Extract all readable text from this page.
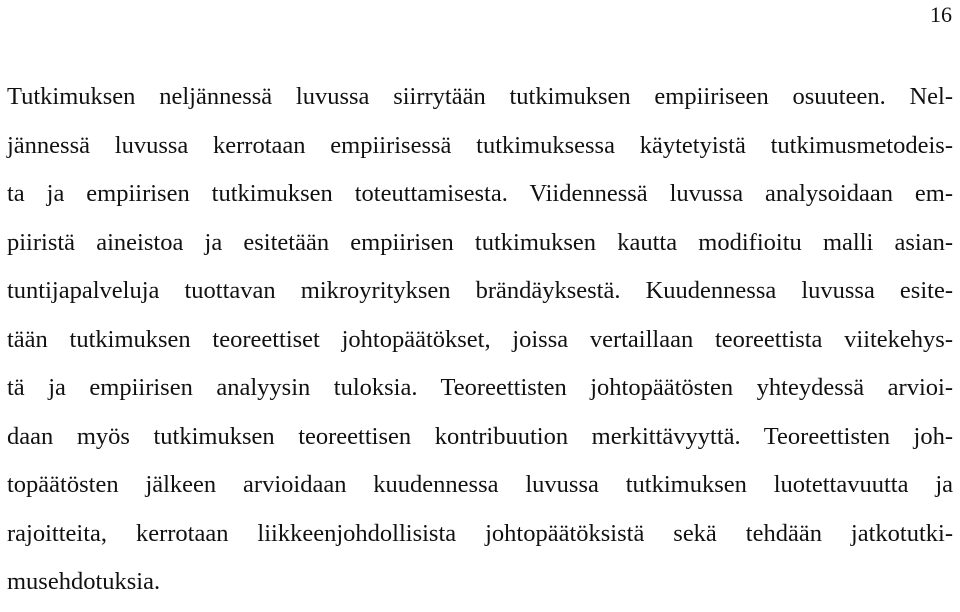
16
Tutkimuksen neljännessä luvussa siirrytään tutkimuksen empiiriseen osuuteen. Nel-
jännessä luvussa kerrotaan empiirisessä tutkimuksessa käytetyistä tutkimusmetodeis-
ta ja empiirisen tutkimuksen toteuttamisesta. Viidennessä luvussa analysoidaan em-
piiristä aineistoa ja esitetään empiirisen tutkimuksen kautta modifioitu malli asian-
tuntijapalveluja tuottavan mikroyrityksen brändäyksestä. Kuudennessa luvussa esite-
tään tutkimuksen teoreettiset johtopäätökset, joissa vertaillaan teoreettista viitekehys-
tä ja empiirisen analyysin tuloksia. Teoreettisten johtopäätösten yhteydessä arvioi-
daan myös tutkimuksen teoreettisen kontribuution merkittävyyttä. Teoreettisten joh-
topäätösten jälkeen arvioidaan kuudennessa luvussa tutkimuksen luotettavuutta ja
rajoitteita, kerrotaan liikkeenjohdollisista johtopäätöksistä sekä tehdään jatkotutki-
musehdotuksia.
